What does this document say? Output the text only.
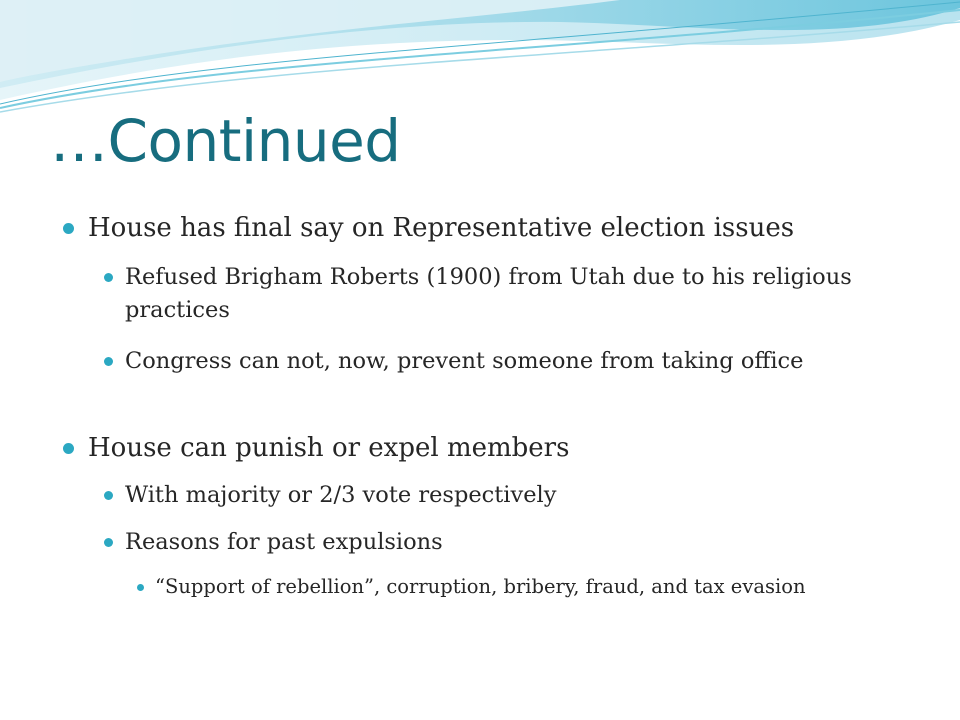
…Continued
House has final say on Representative election issues
Refused Brigham Roberts (1900) from Utah due to his religious practices
Congress can not, now, prevent someone from taking office
House can punish or expel members
With majority or 2/3 vote respectively
Reasons for past expulsions
“Support of rebellion”, corruption, bribery, fraud, and tax evasion
